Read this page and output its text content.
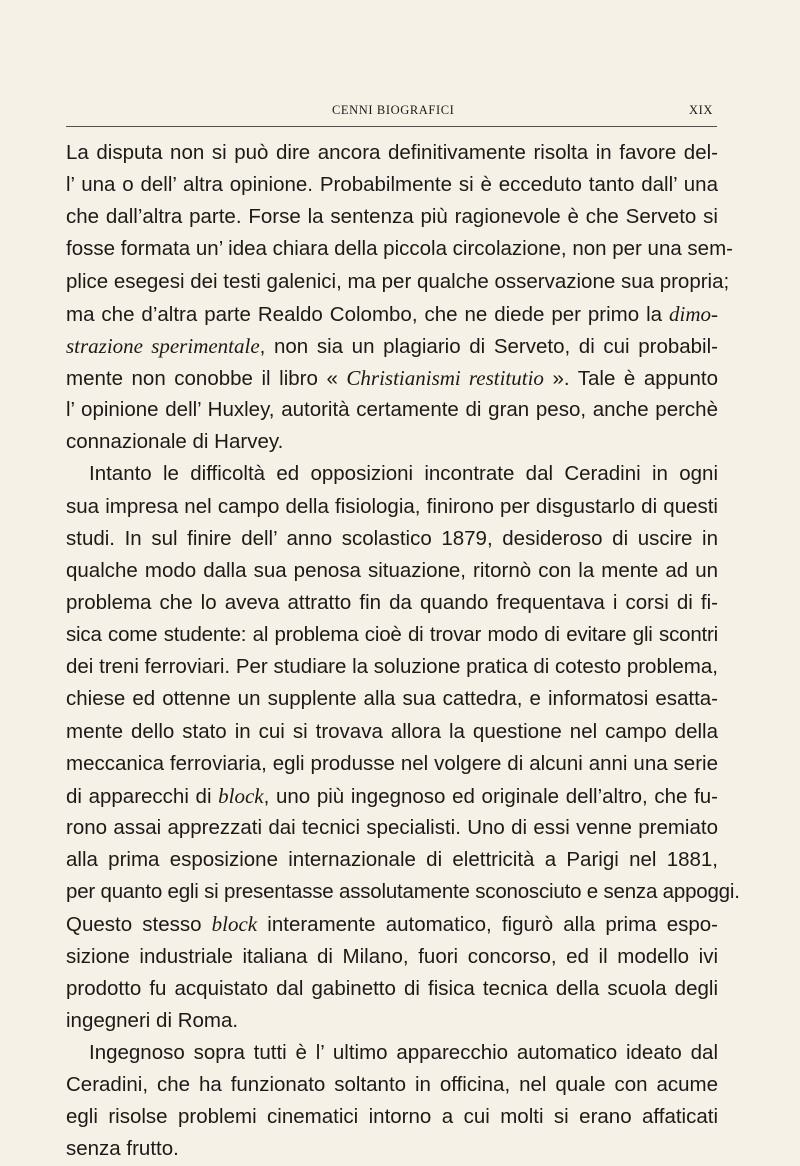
CENNI BIOGRAFICI	XIX
La disputa non si può dire ancora definitivamente risolta in favore del-
l’ una o dell’ altra opinione. Probabilmente si è ecceduto tanto dall’ una
che dall’altra parte. Forse la sentenza più ragionevole è che Serveto si
fosse formata un’ idea chiara della piccola circolazione, non per una sem-
plice esegesi dei testi galenici, ma per qualche osservazione sua propria;
ma che d’altra parte Realdo Colombo, che ne diede per primo la dimo-
strazione sperimentale, non sia un plagiario di Serveto, di cui probabil-
mente non conobbe il libro « Christianismi restitutio ». Tale è appunto
l’ opinione dell’ Huxley, autorità certamente di gran peso, anche perchè
connazionale di Harvey.
Intanto le difficoltà ed opposizioni incontrate dal Ceradini in ogni
sua impresa nel campo della fisiologia, finirono per disgustarlo di questi
studi. In sul finire dell’ anno scolastico 1879, desideroso di uscire in
qualche modo dalla sua penosa situazione, ritornò con la mente ad un
problema che lo aveva attratto fin da quando frequentava i corsi di fi-
sica come studente: al problema cioè di trovar modo di evitare gli scontri
dei treni ferroviari. Per studiare la soluzione pratica di cotesto problema,
chiese ed ottenne un supplente alla sua cattedra, e informatosi esatta-
mente dello stato in cui si trovava allora la questione nel campo della
meccanica ferroviaria, egli produsse nel volgere di alcuni anni una serie
di apparecchi di block, uno più ingegnoso ed originale dell’altro, che fu-
rono assai apprezzati dai tecnici specialisti. Uno di essi venne premiato
alla prima esposizione internazionale di elettricità a Parigi nel 1881,
per quanto egli si presentasse assolutamente sconosciuto e senza appoggi.
Questo stesso block interamente automatico, figurò alla prima espo-
sizione industriale italiana di Milano, fuori concorso, ed il modello ivi
prodotto fu acquistato dal gabinetto di fisica tecnica della scuola degli
ingegneri di Roma.
Ingegnoso sopra tutti è l’ ultimo apparecchio automatico ideato dal
Ceradini, che ha funzionato soltanto in officina, nel quale con acume
egli risolse problemi cinematici intorno a cui molti si erano affaticati
senza frutto.
